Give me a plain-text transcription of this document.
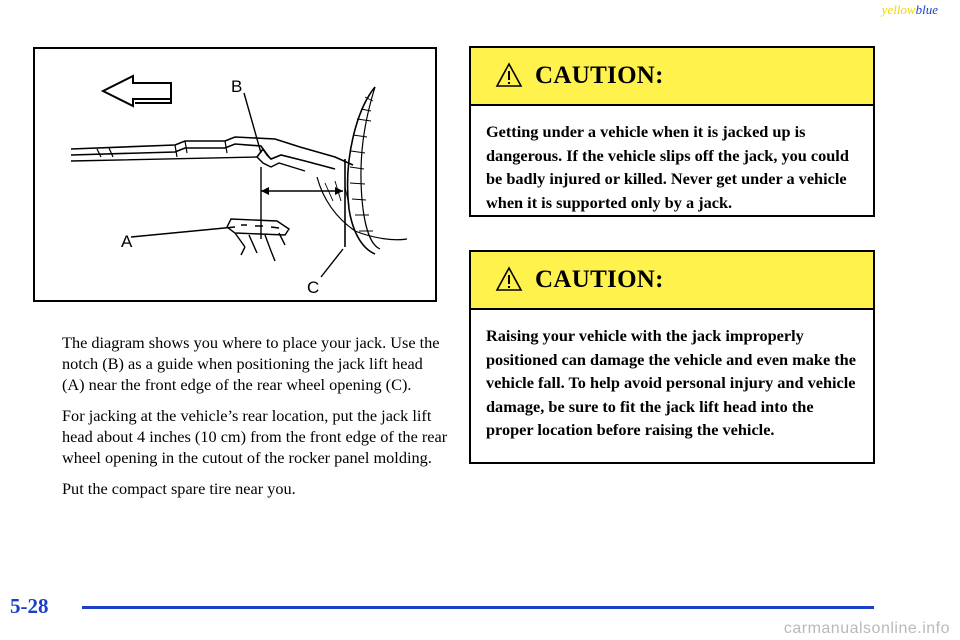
yellowblue
B
A
C

The diagram shows you where to place your jack. Use the notch (B) as a guide when positioning the jack lift head (A) near the front edge of the rear wheel opening (C).

For jacking at the vehicle’s rear location, put the jack lift head about 4 inches (10 cm) from the front edge of the rear wheel opening in the cutout of the rocker panel molding.

Put the compact spare tire near you.

CAUTION:
Getting under a vehicle when it is jacked up is dangerous. If the vehicle slips off the jack, you could be badly injured or killed. Never get under a vehicle when it is supported only by a jack.
CAUTION:
Raising your vehicle with the jack improperly positioned can damage the vehicle and even make the vehicle fall. To help avoid personal injury and vehicle damage, be sure to fit the jack lift head into the proper location before raising the vehicle.
5-28
carmanualsonline.info
